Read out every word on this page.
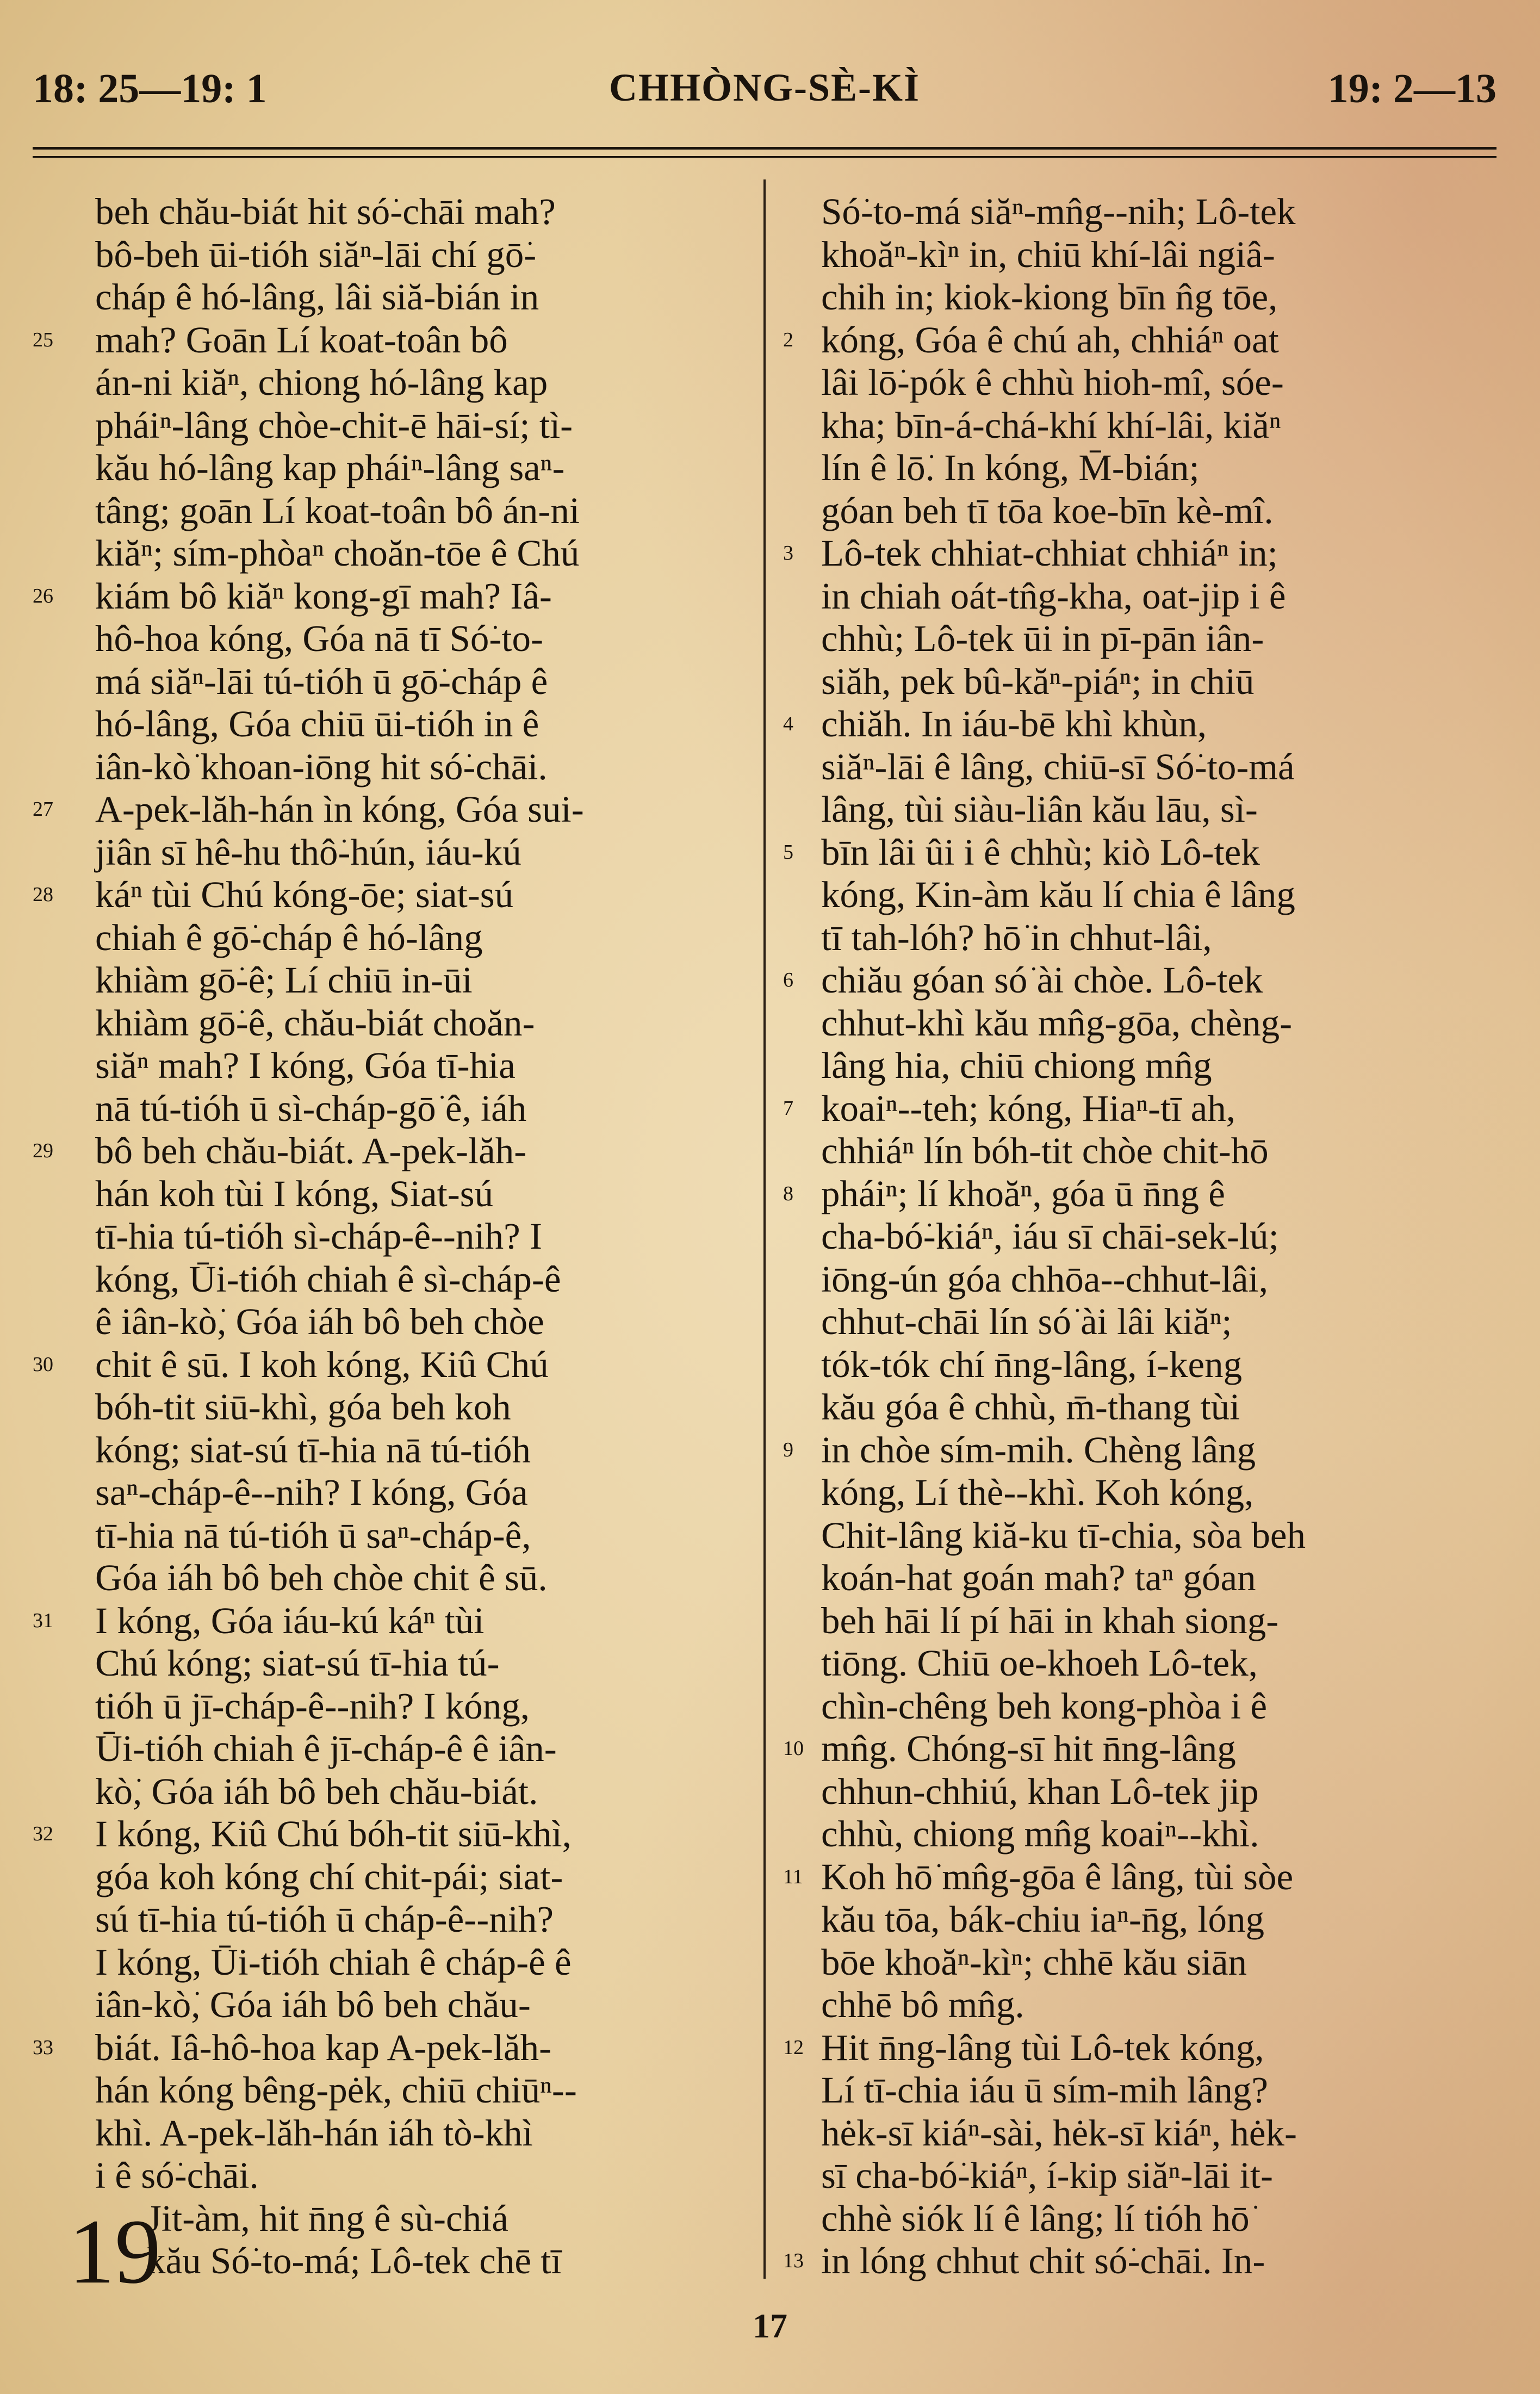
18: 25—19: 1	CHHÒNG-SÈ-KÌ	19: 2—13
beh chău-biát hit só͘-chāi mah?
bô-beh ūi-tióh siăⁿ-lāi chí gō͘-
cháp ê hó-lâng, lâi siă-bián in
25	mah? Goān Lí koat-toân bô
án-ni kiăⁿ, chiong hó-lâng kap
pháiⁿ-lâng chòe-chit-ē hāi-sí; tì-
kău hó-lâng kap pháiⁿ-lâng saⁿ-
tâng; goān Lí koat-toân bô án-ni
kiăⁿ; sím-phòaⁿ choăn-tōe ê Chú
26	kiám bô kiăⁿ kong-gī mah? Iâ-
hô-hoa kóng, Góa nā tī Só͘-to-
má siăⁿ-lāi tú-tióh ū gō͘-cháp ê
hó-lâng, Góa chiū ūi-tióh in ê
iân-kò͘ khoan-iōng hit só͘-chāi.
27	A-pek-lăh-hán ìn kóng, Góa sui-
jiân sī hê-hu thô͘-hún, iáu-kú
28	káⁿ tùi Chú kóng-ōe; siat-sú
chiah ê gō͘-cháp ê hó-lâng
khiàm gō͘-ê; Lí chiū in-ūi
khiàm gō͘-ê, chău-biát choăn-
siăⁿ mah? I kóng, Góa tī-hia
nā tú-tióh ū sì-cháp-gō͘ ê, iáh
29	bô beh chău-biát. A-pek-lăh-
hán koh tùi I kóng, Siat-sú
tī-hia tú-tióh sì-cháp-ê--nih? I
kóng, Ūi-tióh chiah ê sì-cháp-ê
ê iân-kò͘, Góa iáh bô beh chòe
30	chit ê sū. I koh kóng, Kiû Chú
bóh-tit siū-khì, góa beh koh
kóng; siat-sú tī-hia nā tú-tióh
saⁿ-cháp-ê--nih? I kóng, Góa
tī-hia nā tú-tióh ū saⁿ-cháp-ê,
Góa iáh bô beh chòe chit ê sū.
31	I kóng, Góa iáu-kú káⁿ tùi
Chú kóng; siat-sú tī-hia tú-
tióh ū jī-cháp-ê--nih? I kóng,
Ūi-tióh chiah ê jī-cháp-ê ê iân-
kò͘, Góa iáh bô beh chău-biát.
32	I kóng, Kiû Chú bóh-tit siū-khì,
góa koh kóng chí chit-pái; siat-
sú tī-hia tú-tióh ū cháp-ê--nih?
I kóng, Ūi-tióh chiah ê cháp-ê ê
iân-kò͘, Góa iáh bô beh chău-
33	biát. Iâ-hô-hoa kap A-pek-lăh-
hán kóng bêng-pėk, chiū chiūⁿ--
khì. A-pek-lăh-hán iáh tò-khì
i ê só͘-chāi.
Jit-àm, hit n̄ng ê sù-chiá
kău Só͘-to-má; Lô-tek chē tī
Só͘-to-má siăⁿ-mn̂g--nih; Lô-tek
khoăⁿ-kìⁿ in, chiū khí-lâi ngiâ-
chih in; kiok-kiong bīn n̂g tōe,
2 kóng, Góa ê chú ah, chhiáⁿ oat
lâi lō͘-pók ê chhù hioh-mî, sóe-
kha; bīn-á-chá-khí khí-lâi, kiăⁿ
lín ê lō͘. In kóng, M̄-bián;
góan beh tī tōa koe-bīn kè-mî.
3 Lô-tek chhiat-chhiat chhiáⁿ in;
in chiah oát-tn̂g-kha, oat-jip i ê
chhù; Lô-tek ūi in pī-pān iân-
siăh, pek bû-kăⁿ-piáⁿ; in chiū
4 chiăh. In iáu-bē khì khùn,
siăⁿ-lāi ê lâng, chiū-sī Só͘-to-má
lâng, tùi siàu-liân kău lāu, sì-
5 bīn lâi ûi i ê chhù; kiò Lô-tek
kóng, Kin-àm kău lí chia ê lâng
tī tah-lóh? hō͘ in chhut-lâi,
6 chiău góan só͘ ài chòe. Lô-tek
chhut-khì kău mn̂g-gōa, chèng-
lâng hia, chiū chiong mn̂g
7 koaiⁿ--teh; kóng, Hiaⁿ-tī ah,
chhiáⁿ lín bóh-tit chòe chit-hō
8 pháiⁿ; lí khoăⁿ, góa ū n̄ng ê
cha-bó͘-kiáⁿ, iáu sī chāi-sek-lú;
iōng-ún góa chhōa--chhut-lâi,
chhut-chāi lín só͘ ài lâi kiăⁿ;
tók-tók chí n̄ng-lâng, í-keng
kău góa ê chhù, m̄-thang tùi
9 in chòe sím-mih. Chèng lâng
kóng, Lí thè--khì. Koh kóng,
Chit-lâng kiă-ku tī-chia, sòa beh
koán-hat goán mah? taⁿ góan
beh hāi lí pí hāi in khah siong-
tiōng. Chiū oe-khoeh Lô-tek,
chìn-chêng beh kong-phòa i ê
10 mn̂g. Chóng-sī hit n̄ng-lâng
chhun-chhiú, khan Lô-tek jip
chhù, chiong mn̂g koaiⁿ--khì.
11 Koh hō͘ mn̂g-gōa ê lâng, tùi sòe
kău tōa, bák-chiu iaⁿ-n̄g, lóng
bōe khoăⁿ-kìⁿ; chhē kău siān
chhē bô mn̂g.
12 Hit n̄ng-lâng tùi Lô-tek kóng,
Lí tī-chia iáu ū sím-mih lâng?
hėk-sī kiáⁿ-sài, hėk-sī kiáⁿ, hėk-
sī cha-bó͘-kiáⁿ, í-kip siăⁿ-lāi it-
chhè siók lí ê lâng; lí tióh hō͘
13 in lóng chhut chit só͘-chāi. In-
19
17
